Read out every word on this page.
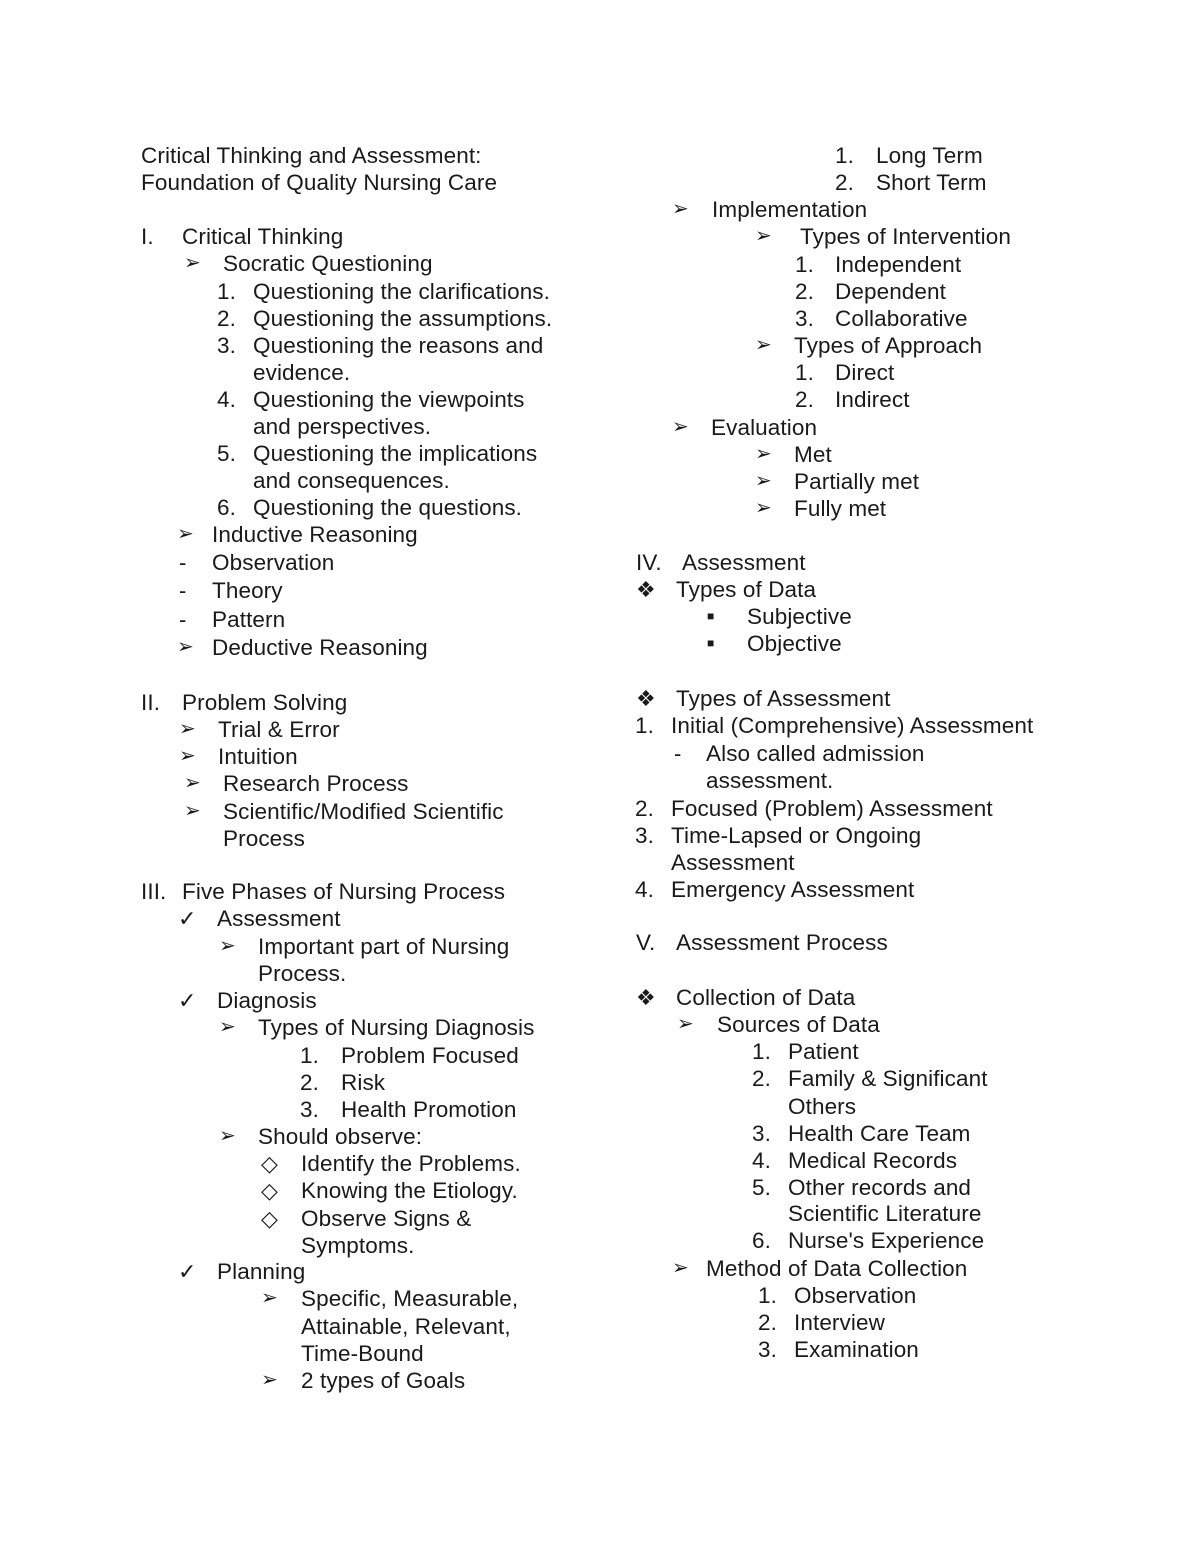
Critical Thinking and Assessment:
Foundation of Quality Nursing Care
I. Critical Thinking
➢ Socratic Questioning
1. Questioning the clarifications.
2. Questioning the assumptions.
3. Questioning the reasons and
evidence.
4. Questioning the viewpoints
and perspectives.
5. Questioning the implications
and consequences.
6. Questioning the questions.
➢ Inductive Reasoning
- Observation
- Theory
- Pattern
➢ Deductive Reasoning
II. Problem Solving
➢ Trial & Error
➢ Intuition
➢ Research Process
➢ Scientific/Modified Scientific
Process
III. Five Phases of Nursing Process
✓ Assessment
➢ Important part of Nursing
Process.
✓ Diagnosis
➢ Types of Nursing Diagnosis
1. Problem Focused
2. Risk
3. Health Promotion
➢ Should observe:
◇ Identify the Problems.
◇ Knowing the Etiology.
◇ Observe Signs &
Symptoms.
✓ Planning
➢ Specific, Measurable,
Attainable, Relevant,
Time-Bound
➢ 2 types of Goals
1. Long Term
2. Short Term
➢ Implementation
➢ Types of Intervention
1. Independent
2. Dependent
3. Collaborative
➢ Types of Approach
1. Direct
2. Indirect
➢ Evaluation
➢ Met
➢ Partially met
➢ Fully met
IV. Assessment
❖ Types of Data
■ Subjective
■ Objective
❖ Types of Assessment
1. Initial (Comprehensive) Assessment
- Also called admission
assessment.
2. Focused (Problem) Assessment
3. Time-Lapsed or Ongoing
Assessment
4. Emergency Assessment
V. Assessment Process
❖ Collection of Data
➢ Sources of Data
1. Patient
2. Family & Significant
Others
3. Health Care Team
4. Medical Records
5. Other records and
Scientific Literature
6. Nurse's Experience
➢ Method of Data Collection
1. Observation
2. Interview
3. Examination
